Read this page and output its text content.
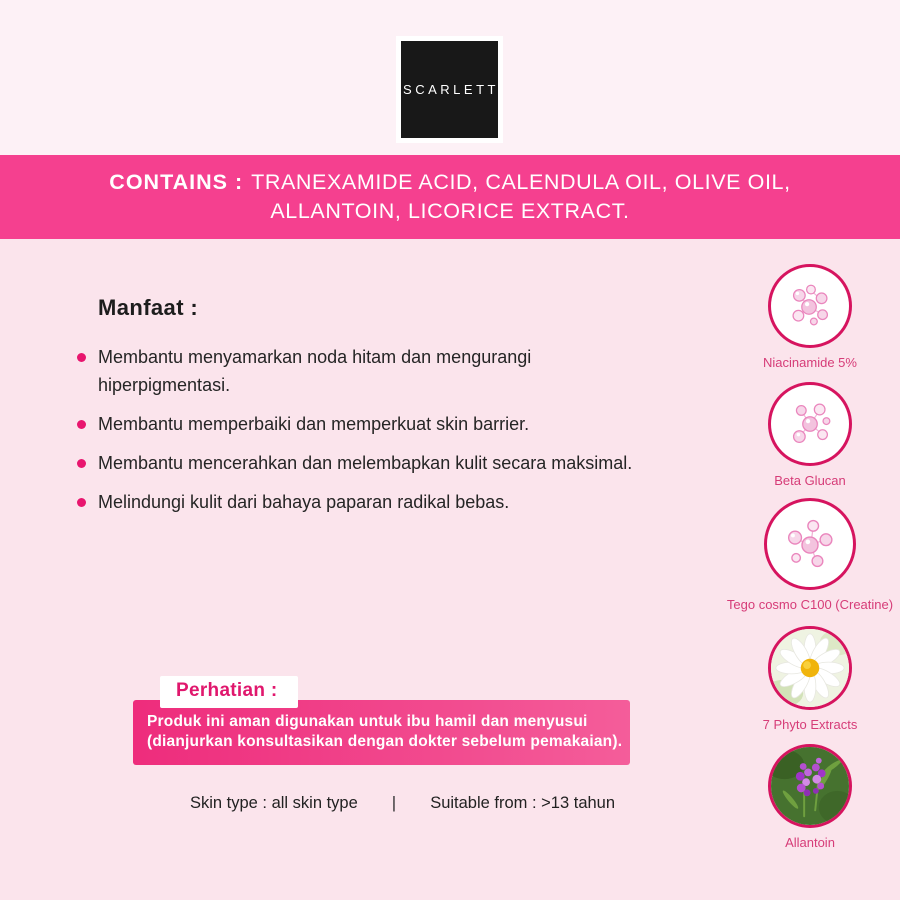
SCARLETT

CONTAINS : TRANEXAMIDE ACID, CALENDULA OIL, OLIVE OIL,

ALLANTOIN, LICORICE EXTRACT.

Manfaat :
Membantu menyamarkan noda hitam dan mengurangi hiperpigmentasi.
Membantu memperbaiki dan memperkuat skin barrier.
Membantu mencerahkan dan melembapkan kulit secara maksimal.
Melindungi kulit dari bahaya paparan radikal bebas.
Niacinamide 5%
Beta Glucan
Tego cosmo C100 (Creatine)
7 Phyto Extracts
Allantoin

Produk ini aman digunakan untuk ibu hamil dan menyusui

(dianjurkan konsultasikan dengan dokter sebelum pemakaian).

Perhatian :
Skin type : all skin type | Suitable from : >13 tahun
